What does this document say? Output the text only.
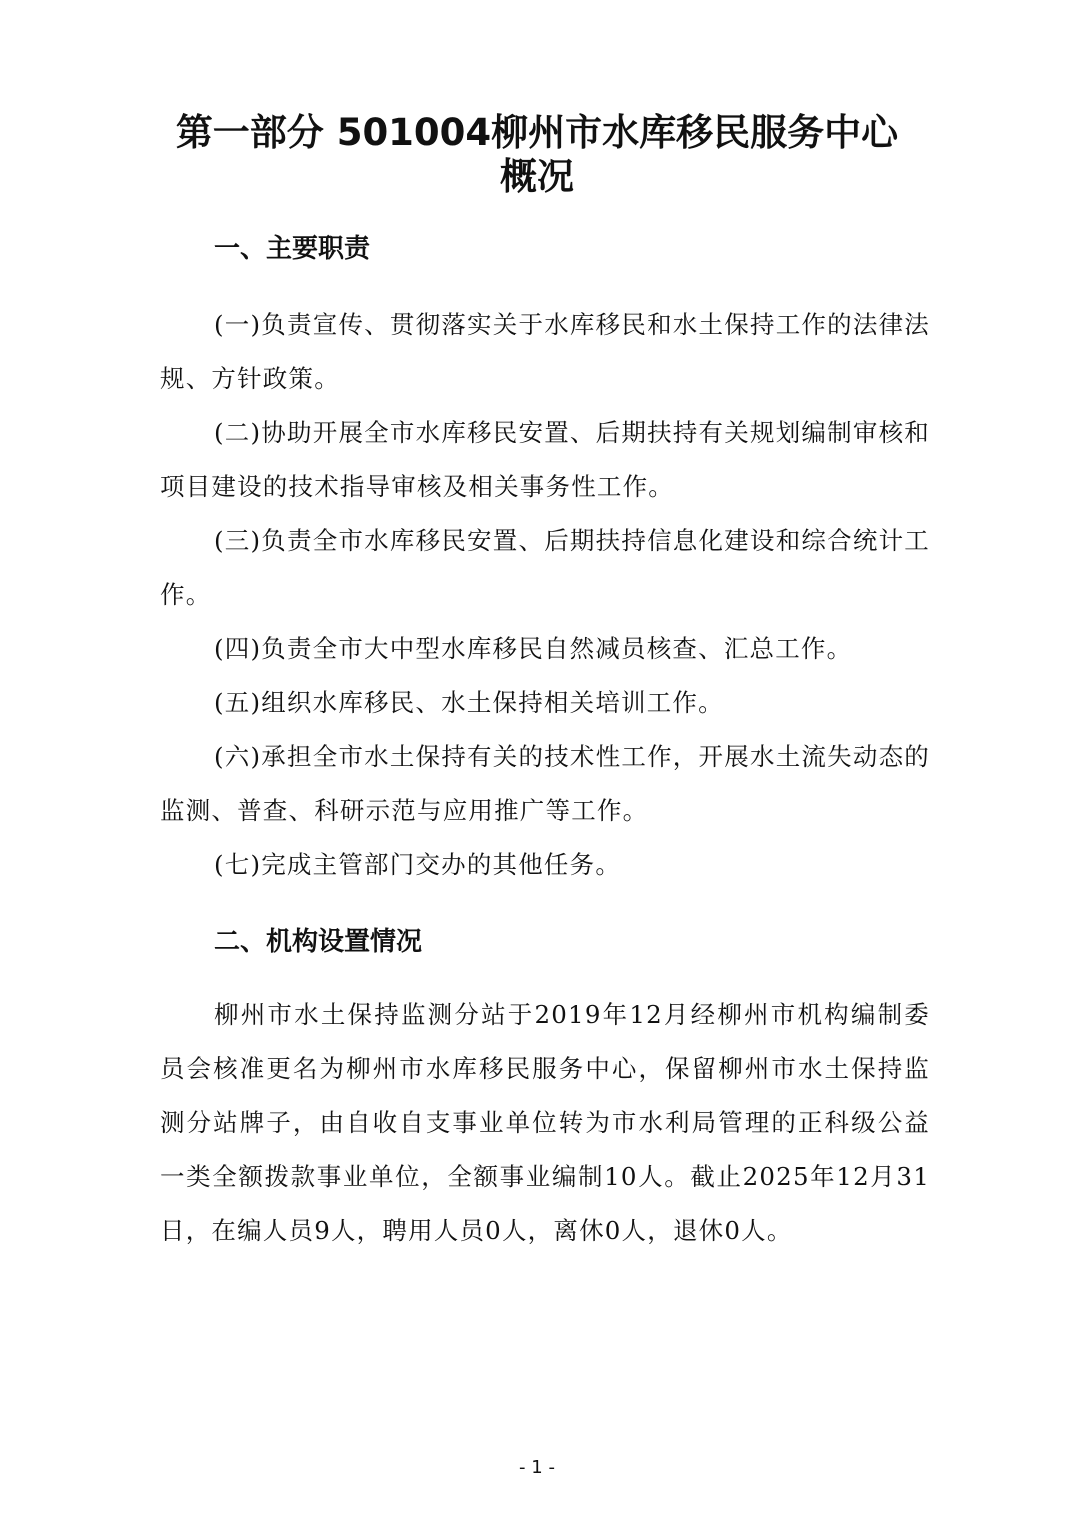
第一部分 501004柳州市水库移民服务中心
概况
一、主要职责

(一)负责宣传、贯彻落实关于水库移民和水土保持工作的法律法规、方针政策。

(二)协助开展全市水库移民安置、后期扶持有关规划编制审核和项目建设的技术指导审核及相关事务性工作。

(三)负责全市水库移民安置、后期扶持信息化建设和综合统计工作。

(四)负责全市大中型水库移民自然减员核查、汇总工作。

(五)组织水库移民、水土保持相关培训工作。

(六)承担全市水土保持有关的技术性工作，开展水土流失动态的监测、普查、科研示范与应用推广等工作。

(七)完成主管部门交办的其他任务。

二、机构设置情况

柳州市水土保持监测分站于2019年12月经柳州市机构编制委员会核准更名为柳州市水库移民服务中心，保留柳州市水土保持监测分站牌子，由自收自支事业单位转为市水利局管理的正科级公益一类全额拨款事业单位，全额事业编制10人。截止2025年12月31日，在编人员9人，聘用人员0人，离休0人，退休0人。

- 1 -
